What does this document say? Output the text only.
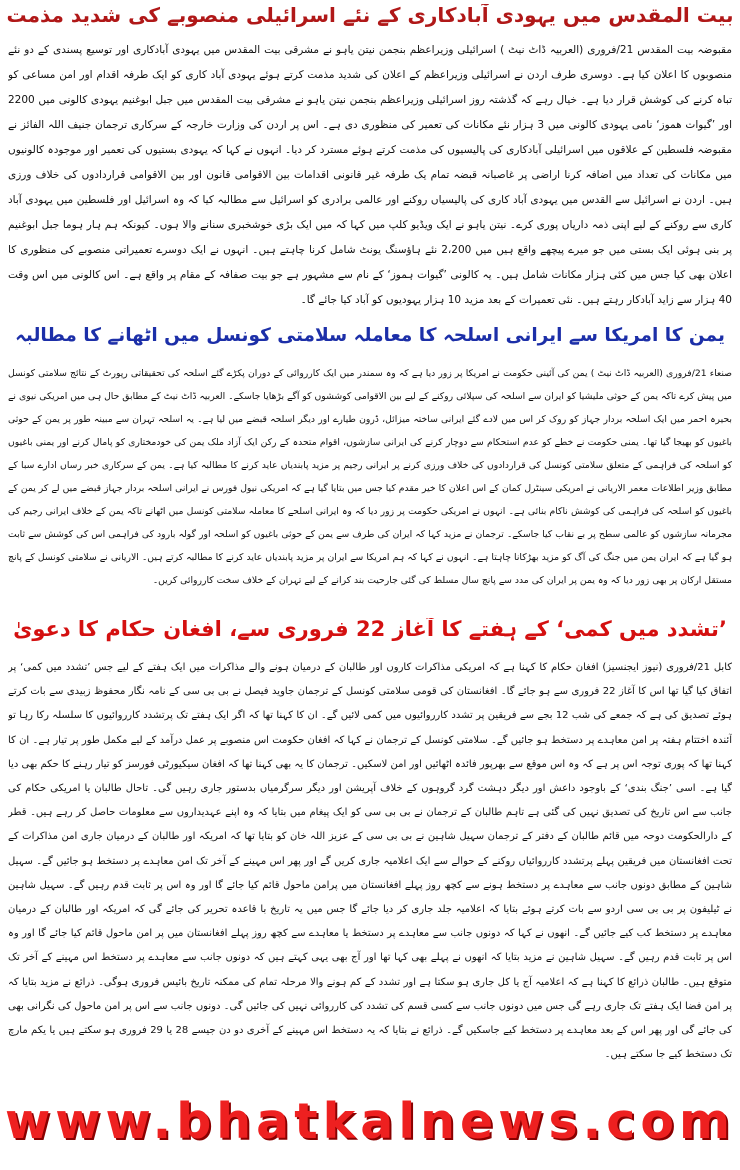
بیت المقدس میں یہودی آبادکاری کے نئے اسرائیلی منصوبے کی شدید مذمت
مقبوضہ بیت المقدس 21/فروری (العربیہ ڈاٹ نیٹ ) اسرائیلی وزیراعظم بنجمن نیتن یاہو نے مشرقی بیت المقدس میں یہودی آبادکاری اور توسیع پسندی کے دو نئے منصوبوں کا اعلان کیا ہے۔ دوسری طرف اردن نے اسرائیلی وزیراعظم کے اعلان کی شدید مذمت کرتے ہوئے یہودی آباد کاری کو ایک طرفہ اقدام اور امن مساعی کو تباہ کرنے کی کوشش قرار دیا ہے۔ خیال رہے کہ گذشتہ روز اسرائیلی وزیراعظم بنجمن نیتن یاہو نے مشرقی بیت المقدس میں جبل ابوغنیم یہودی کالونی میں 2200 اور ’گیوات ھموز‘ نامی یہودی کالونی میں 3 ہزار نئے مکانات کی تعمیر کی منظوری دی ہے۔ اس پر اردن کی وزارت خارجہ کے سرکاری ترجمان جنیف اللہ الفائز نے مقبوضہ فلسطین کے علاقوں میں اسرائیلی آبادکاری کی پالیسیوں کی مذمت کرتے ہوئے مسترد کر دیا۔ انہوں نے کہا کہ یہودی بستیوں کی تعمیر اور موجودہ کالونیوں میں مکانات کی تعداد میں اضافہ کرنا اراضی پر غاصبانہ قبضہ تمام یک طرفہ غیر قانونی اقدامات بین الاقوامی قانون اور بین الاقوامی قراردادوں کی خلاف ورزی ہیں۔ اردن نے اسرائیل سے القدس میں یہودی آباد کاری کی پالیسیاں روکنے اور عالمی برادری کو اسرائیل سے مطالبہ کیا کہ وہ اسرائیل اور فلسطین میں یہودی آباد کاری سے روکنے کے لیے اپنی ذمہ داریاں پوری کرے۔ نیتن یاہو نے ایک ویڈیو کلپ میں کہا کہ میں ایک بڑی خوشخبری سنانے والا ہوں۔ کیونکہ ہم ہار ہوما جبل ابوغنیم پر بنی ہوئی ایک بستی میں جو میرے پیچھے واقع ہیں میں 2،200 نئے ہاؤسنگ یونٹ شامل کرنا چاہتے ہیں۔ انہوں نے ایک دوسرے تعمیراتی منصوبے کی منظوری کا اعلان بھی کیا جس میں کئی ہزار مکانات شامل ہیں۔ یہ کالونی ’گیوات ہموز‘ کے نام سے مشہور ہے جو بیت صفافہ کے مقام پر واقع ہے۔ اس کالونی میں اس وقت 40 ہزار سے زاید آبادکار رہتے ہیں۔ نئی تعمیرات کے بعد مزید 10 ہزار یہودیوں کو آباد کیا جائے گا۔
یمن کا امریکا سے ایرانی اسلحہ کا معاملہ سلامتی کونسل میں اٹھانے کا مطالبہ
صنعاء 21/فروری (العربیہ ڈاٹ نیٹ ) یمن کی آئینی حکومت نے امریکا پر زور دیا ہے کہ وہ سمندر میں ایک کارروائی کے دوران پکڑے گئے اسلحہ کی تحقیقاتی رپورٹ کے نتائج سلامتی کونسل میں پیش کرے تاکہ یمن کے حوثی ملیشیا کو ایران سے اسلحہ کی سپلائی روکنے کے لیے بین الاقوامی کوششوں کو آگے بڑھایا جاسکے۔ العربیہ ڈاٹ نیٹ کے مطابق حال ہی میں امریکی نیوی نے بحیرہ احمر میں ایک اسلحہ بردار جہاز کو روک کر اس میں لادے گئے ایرانی ساختہ میزائل، ڈرون طیارے اور دیگر اسلحہ قبضے میں لیا ہے۔ یہ اسلحہ تہران سے مبینہ طور پر یمن کے حوثی باغیوں کو بھیجا گیا تھا۔ یمنی حکومت نے خطے کو عدم استحکام سے دوچار کرنے کی ایرانی سازشوں، اقوام متحدہ کے رکن ایک آزاد ملک یمن کی خودمختاری کو پامال کرنے اور یمنی باغیوں کو اسلحہ کی فراہمی کے متعلق سلامتی کونسل کی قراردادوں کی خلاف ورزی کرنے پر ایرانی رجیم پر مزید پابندیاں عاید کرنے کا مطالبہ کیا ہے۔ یمن کے سرکاری خبر رساں ادارے سبا کے مطابق وزیر اطلاعات معمر الاریانی نے امریکی سینٹرل کمان کے اس اعلان کا خیر مقدم کیا جس میں بتایا گیا ہے کہ امریکی نیول فورس نے ایرانی اسلحہ بردار جہاز قبضے میں لے کر یمن کے باغیوں کو اسلحہ کی فراہمی کی کوشش ناکام بنائی ہے۔ انہوں نے امریکی حکومت پر زور دیا کہ وہ ایرانی اسلحے کا معاملہ سلامتی کونسل میں اٹھانے تاکہ یمن کے خلاف ایرانی رجیم کی مجرمانہ سازشوں کو عالمی سطح پر بے نقاب کیا جاسکے۔ ترجمان نے مزید کہا کہ ایران کی طرف سے یمن کے حوثی باغیوں کو اسلحہ اور گولہ بارود کی فراہمی اس کی کوشش سے ثابت ہو گیا ہے کہ ایران یمن میں جنگ کی آگ کو مزید بھڑکانا چاہتا ہے۔ انہوں نے کہا کہ ہم امریکا سے ایران پر مزید پابندیاں عاید کرنے کا مطالبہ کرتے ہیں۔ الاریانی نے سلامتی کونسل کے پانچ مستقل ارکان پر بھی زور دیا کہ وہ یمن پر ایران کی مدد سے پانچ سال مسلط کی گئی جارحیت بند کرانے کے لیے تہران کے خلاف سخت کارروائی کریں۔
’تشدد میں کمی‘ کے ہفتے کا آغاز 22 فروری سے، افغان حکام کا دعویٰ
کابل 21/فروری (نیوز ایجنسیز) افغان حکام کا کہنا ہے کہ امریکی مذاکرات کاروں اور طالبان کے درمیان ہونے والے مذاکرات میں ایک ہفتے کے لیے جس ’تشدد میں کمی‘ پر اتفاق کیا گیا تھا اس کا آغاز 22 فروری سے ہو جائے گا۔ افغانستان کی قومی سلامتی کونسل کے ترجمان جاوید فیصل نے بی بی سی کے نامہ نگار محفوظ زبیدی سے بات کرتے ہوئے تصدیق کی ہے کہ جمعے کی شب 12 بجے سے فریقین پر تشدد کارروائیوں میں کمی لائیں گے۔ ان کا کہنا تھا کہ اگر ایک ہفتے تک پرتشدد کارروائیوں کا سلسلہ رکا رہا تو آئندہ اختتام ہفتہ پر امن معاہدے پر دستخط ہو جائیں گے۔ سلامتی کونسل کے ترجمان نے کہا کہ افغان حکومت اس منصوبے پر عمل درآمد کے لیے مکمل طور پر تیار ہے۔ ان کا کہنا تھا کہ پوری توجہ اس پر ہے کہ وہ اس موقع سے بھرپور فائدہ اٹھائیں اور امن لاسکیں۔ ترجمان کا یہ بھی کہنا تھا کہ افغان سیکیورٹی فورسز کو تیار رہنے کا حکم بھی دیا گیا ہے۔ اسی ’جنگ بندی‘ کے باوجود داعش اور دیگر دہشت گرد گروہوں کے خلاف آپریشن اور دیگر سرگرمیاں بدستور جاری رہیں گی۔ تاحال طالبان یا امریکی حکام کی جانب سے اس تاریخ کی تصدیق نہیں کی گئی ہے تاہم طالبان کے ترجمان نے بی بی سی کو ایک پیغام میں بتایا کہ وہ اپنے عہدیداروں سے معلومات حاصل کر رہے ہیں۔ قطر کے دارالحکومت دوحہ میں قائم طالبان کے دفتر کے ترجمان سہیل شاہین نے بی بی سی کے عزیز اللہ خان کو بتایا تھا کہ امریکہ اور طالبان کے درمیان جاری امن مذاکرات کے تحت افغانستان میں فریقین پہلے پرتشدد کارروائیاں روکنے کے حوالے سے ایک اعلامیہ جاری کریں گے اور پھر اس مہینے کے آخر تک امن معاہدے پر دستخط ہو جائیں گے۔ سہیل شاہین کے مطابق دونوں جانب سے معاہدے پر دستخط ہونے سے کچھ روز پہلے افغانستان میں پرامن ماحول قائم کیا جائے گا اور وہ اس پر ثابت قدم رہیں گے۔ سہیل شاہین نے ٹیلیفون پر بی بی سی اردو سے بات کرتے ہوئے بتایا کہ اعلامیہ جلد جاری کر دیا جائے گا جس میں یہ تاریخ با قاعدہ تحریر کی جائے گی کہ امریکہ اور طالبان کے درمیان معاہدے پر دستخط کب کیے جائیں گے۔ انھوں نے کہا کہ دونوں جانب سے معاہدے پر دستخط یا معاہدے سے کچھ روز پہلے افغانستان میں پر امن ماحول قائم کیا جائے گا اور وہ اس پر ثابت قدم رہیں گے۔ سہیل شاہین نے مزید بتایا کہ انھوں نے پہلے بھی کہا تھا اور آج بھی یہی کہتے ہیں کہ دونوں جانب سے معاہدے پر دستخط اس مہینے کے آخر تک متوقع ہیں۔ طالبان ذرائع کا کہنا ہے کہ اعلامیہ آج یا کل جاری ہو سکتا ہے اور تشدد کے کم ہونے والا مرحلہ تمام کی ممکنہ تاریخ بائیس فروری ہوگی۔ ذرائع نے مزید بتایا کہ پر امن فضا ایک ہفتے تک جاری رہے گی جس میں دونوں جانب سے کسی قسم کی تشدد کی کارروائی نہیں کی جائیں گی۔ دونوں جانب سے اس پر امن ماحول کی نگرانی بھی کی جائے گی اور پھر اس کے بعد معاہدے پر دستخط کیے جاسکیں گے۔ ذرائع نے بتایا کہ یہ دستخط اس مہینے کے آخری دو دن جیسے 28 یا 29 فروری ہو سکتے ہیں یا یکم مارچ تک دستخط کیے جا سکتے ہیں۔
www.bhatkalnews.com
